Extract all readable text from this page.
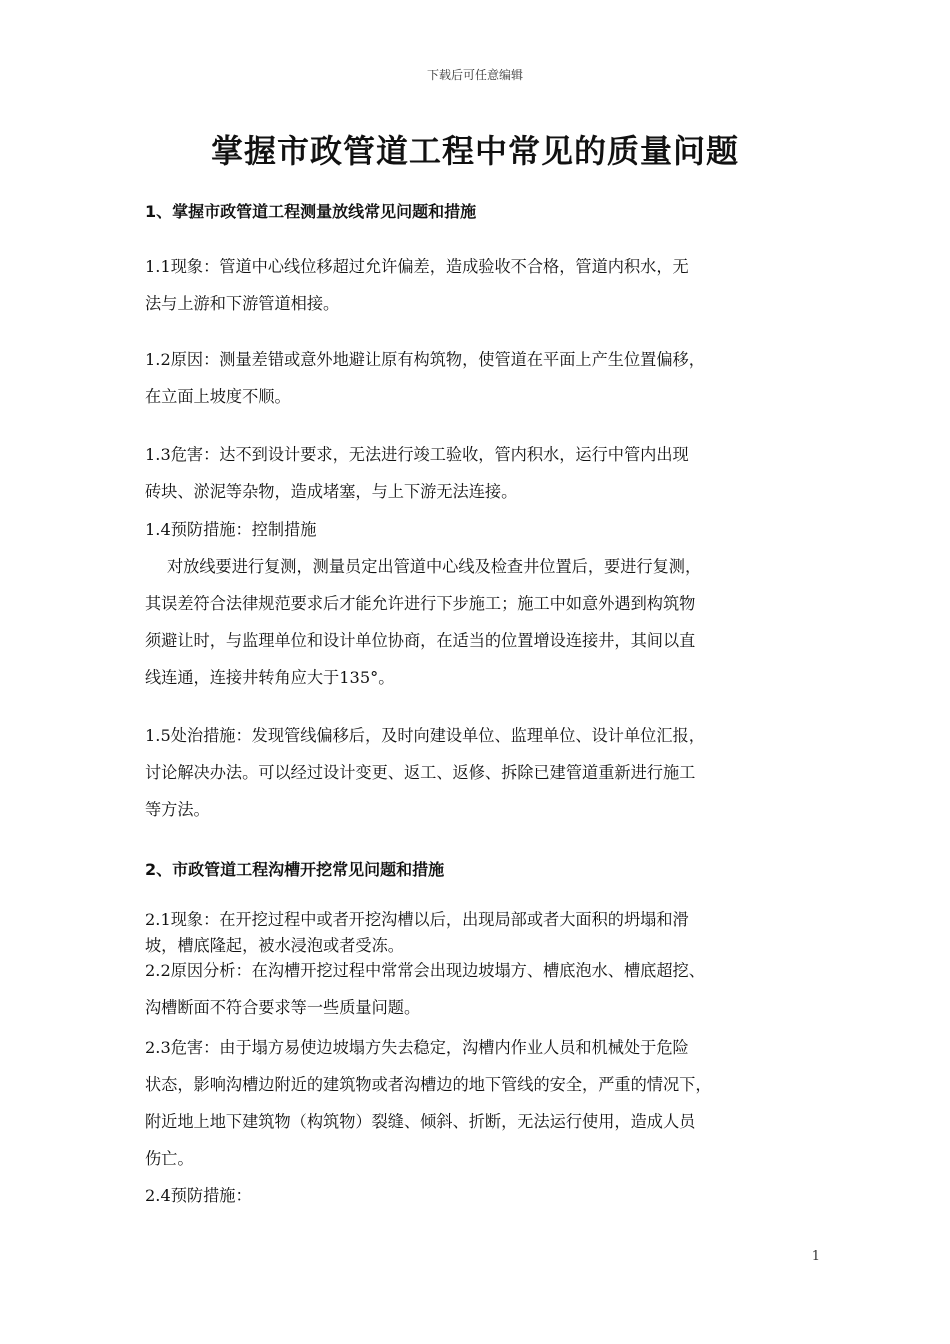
下载后可任意编辑
掌握市政管道工程中常见的质量问题
1、掌握市政管道工程测量放线常见问题和措施
1.1现象：管道中心线位移超过允许偏差，造成验收不合格，管道内积水，无
法与上游和下游管道相接。
1.2原因：测量差错或意外地避让原有构筑物，使管道在平面上产生位置偏移，
在立面上坡度不顺。
1.3危害：达不到设计要求，无法进行竣工验收，管内积水，运行中管内出现
砖块、淤泥等杂物，造成堵塞，与上下游无法连接。
1.4预防措施：控制措施
对放线要进行复测，测量员定出管道中心线及检查井位置后，要进行复测，
其误差符合法律规范要求后才能允许进行下步施工；施工中如意外遇到构筑物
须避让时，与监理单位和设计单位协商，在适当的位置增设连接井，其间以直
线连通，连接井转角应大于135°。
1.5处治措施：发现管线偏移后，及时向建设单位、监理单位、设计单位汇报，
讨论解决办法。可以经过设计变更、返工、返修、拆除已建管道重新进行施工
等方法。
2、市政管道工程沟槽开挖常见问题和措施
2.1现象：在开挖过程中或者开挖沟槽以后，出现局部或者大面积的坍塌和滑
坡，槽底隆起，被水浸泡或者受冻。
2.2原因分析：在沟槽开挖过程中常常会出现边坡塌方、槽底泡水、槽底超挖、
沟槽断面不符合要求等一些质量问题。
2.3危害：由于塌方易使边坡塌方失去稳定，沟槽内作业人员和机械处于危险
状态，影响沟槽边附近的建筑物或者沟槽边的地下管线的安全，严重的情况下，
附近地上地下建筑物（构筑物）裂缝、倾斜、折断，无法运行使用，造成人员
伤亡。
2.4预防措施：
1
